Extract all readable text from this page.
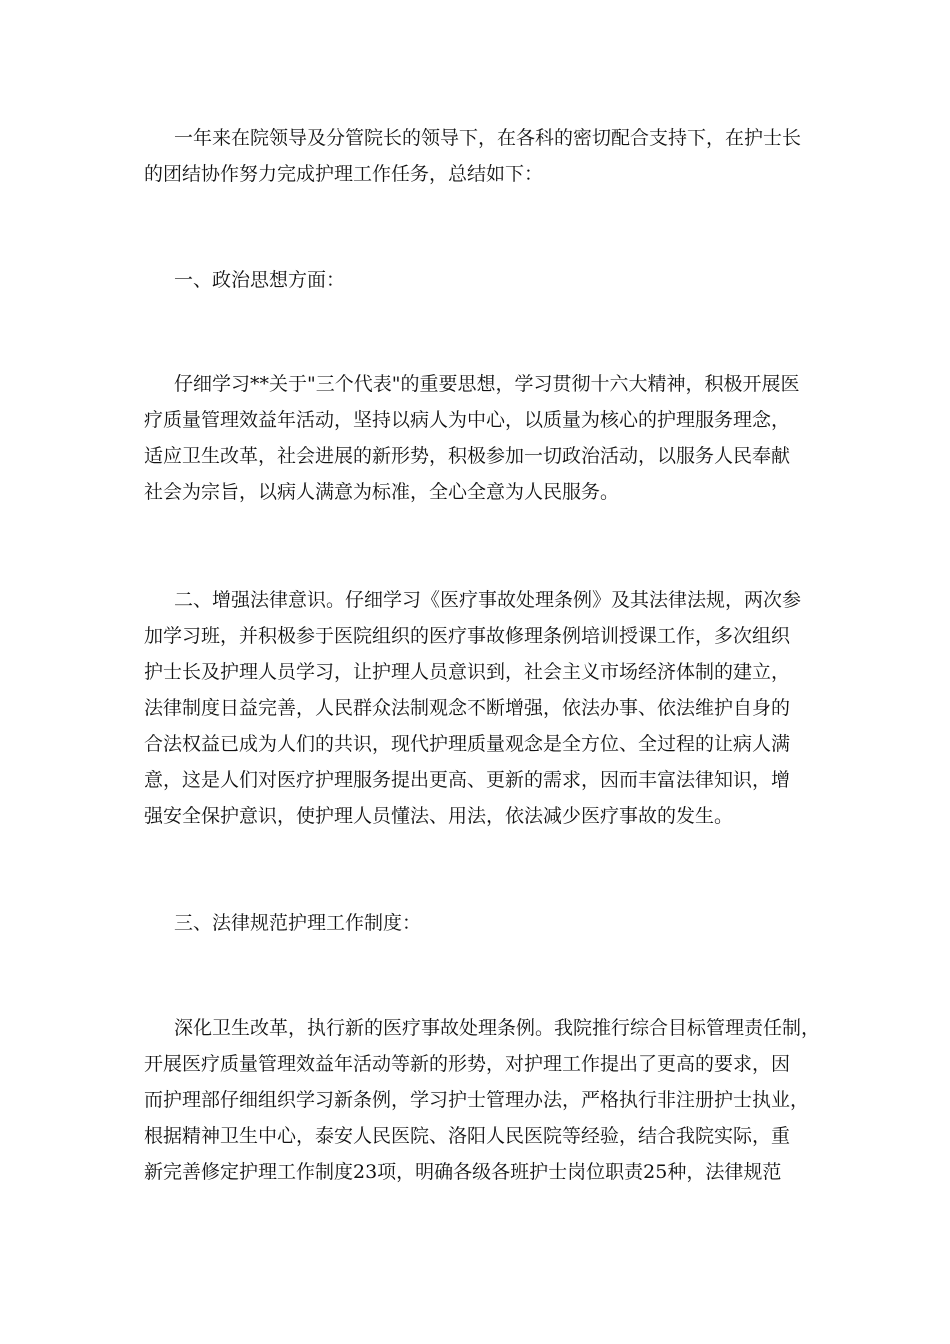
一年来在院领导及分管院长的领导下，在各科的密切配合支持下，在护士长
的团结协作努力完成护理工作任务，总结如下：
一、政治思想方面：
仔细学习**关于"三个代表"的重要思想，学习贯彻十六大精神，积极开展医
疗质量管理效益年活动，坚持以病人为中心，以质量为核心的护理服务理念，
适应卫生改革，社会进展的新形势，积极参加一切政治活动，以服务人民奉献
社会为宗旨，以病人满意为标准，全心全意为人民服务。
二、增强法律意识。仔细学习《医疗事故处理条例》及其法律法规，两次参
加学习班，并积极参于医院组织的医疗事故修理条例培训授课工作，多次组织
护士长及护理人员学习，让护理人员意识到，社会主义市场经济体制的建立，
法律制度日益完善，人民群众法制观念不断增强，依法办事、依法维护自身的
合法权益已成为人们的共识，现代护理质量观念是全方位、全过程的让病人满
意，这是人们对医疗护理服务提出更高、更新的需求，因而丰富法律知识，增
强安全保护意识，使护理人员懂法、用法，依法减少医疗事故的发生。
三、法律规范护理工作制度：
深化卫生改革，执行新的医疗事故处理条例。我院推行综合目标管理责任制，
开展医疗质量管理效益年活动等新的形势，对护理工作提出了更高的要求，因
而护理部仔细组织学习新条例，学习护士管理办法，严格执行非注册护士执业，
根据精神卫生中心，泰安人民医院、洛阳人民医院等经验，结合我院实际，重
新完善修定护理工作制度23项，明确各级各班护士岗位职责25种，法律规范
